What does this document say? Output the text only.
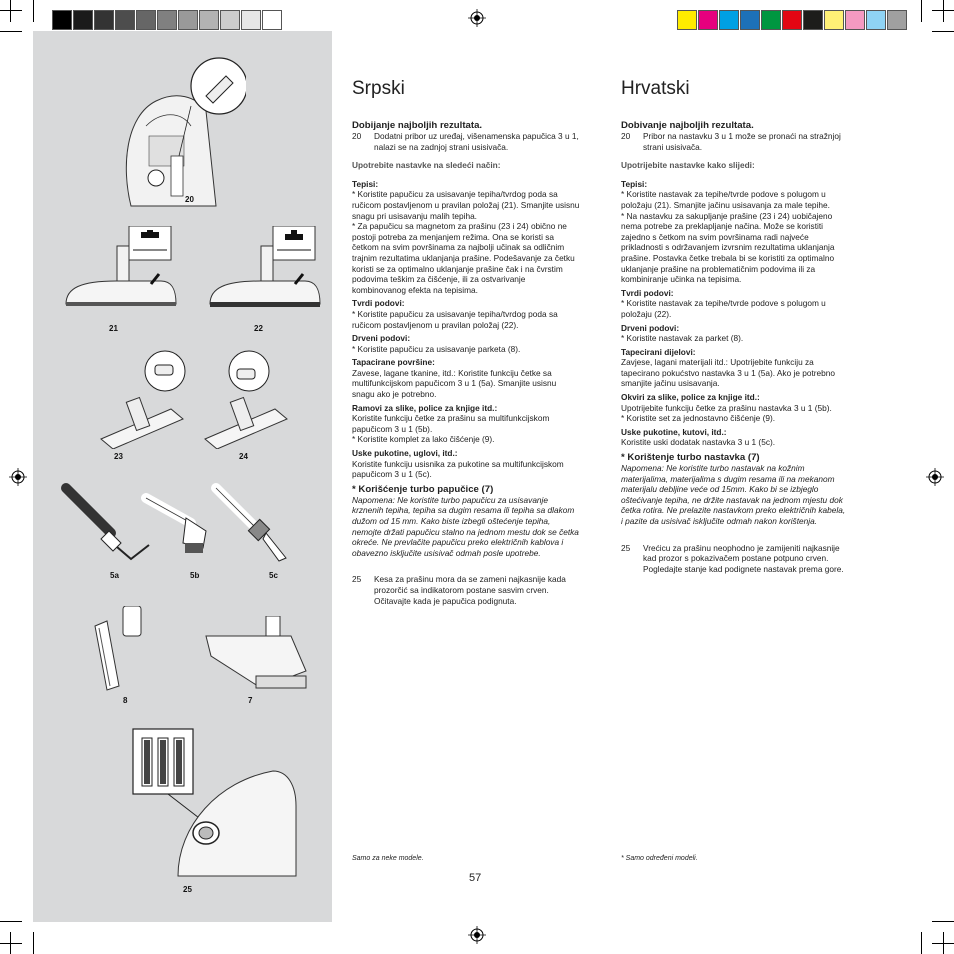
20
21	22
23	24
5a	5b	5c
8	7
25
Srpski
Dobijanje najboljih rezultata.
20	Dodatni pribor uz uređaj, višenamenska papučica 3 u 1, nalazi se na zadnjoj strani usisivača.

Upotrebite nastavke na sledeći način:

Tepisi:

* Koristite papučicu za usisavanje tepiha/tvrdog poda sa ručicom postavljenom u pravilan položaj (21). Smanjite usisnu snagu pri usisavanju malih tepiha.

* Za papučicu sa magnetom za prašinu (23 i 24) obično ne postoji potreba za menjanjem režima. Ona se koristi sa četkom na svim površinama za najbolji učinak sa odličnim trajnim rezultatima uklanjanja prašine. Podešavanje za četku koristi se za optimalno uklanjanje prašine čak i na čvrstim podovima teškim za čišćenje, ili za ostvarivanje kombinovanog efekta na tepisima.

Tvrdi podovi:

* Koristite papučicu za usisavanje tepiha/tvrdog poda sa ručicom postavljenom u pravilan položaj (22).

Drveni podovi:

* Koristite papučicu za usisavanje parketa (8).

Tapacirane površine:

Zavese, lagane tkanine, itd.: Koristite funkciju četke sa multifunkcijskom papučicom 3 u 1 (5a). Smanjite usisnu snagu ako je potrebno.

Ramovi za slike, police za knjige itd.:

Koristite funkciju četke za prašinu sa multifunkcijskom papučicom 3 u 1 (5b).

* Koristite komplet za lako čišćenje (9).

Uske pukotine, uglovi, itd.:

Koristite funkciju usisnika za pukotine sa multifunkcijskom papučicom 3 u 1 (5c).

* Korišćenje turbo papučice (7)

Napomena: Ne koristite turbo papučicu za usisavanje krznenih tepiha, tepiha sa dugim resama ili tepiha sa dlakom dužom od 15 mm. Kako biste izbegli oštećenje tepiha, nemojte držati papučicu stalno na jednom mestu dok se četka okreće. Ne prevlačite papučicu preko električnih kablova i obavezno isključite usisivač odmah posle upotrebe.

25	Kesa za prašinu mora da se zameni najkasnije kada prozorčić sa indikatorom postane sasvim crven. Očitavajte kada je papučica podignuta.
Hrvatski
Dobivanje najboljih rezultata.
20	Pribor na nastavku 3 u 1 može se pronaći na stražnjoj strani usisivača.

Upotrijebite nastavke kako slijedi:

Tepisi:

* Koristite nastavak za tepihe/tvrde podove s polugom u položaju (21). Smanjite jačinu usisavanja za male tepihe.

* Na nastavku za sakupljanje prašine (23 i 24) uobičajeno nema potrebe za preklapljanje načina. Može se koristiti zajedno s četkom na svim površinama radi najveće prikladnosti s održavanjem izvrsnim rezultatima uklanjanja prašine. Postavka četke trebala bi se koristiti za optimalno uklanjanje prašine na problematičnim podovima ili za kombiniranje učinka na tepisima.

Tvrdi podovi:

* Koristite nastavak za tepihe/tvrde podove s polugom u položaju (22).

Drveni podovi:

* Koristite nastavak za parket (8).

Tapecirani dijelovi:

Zavjese, lagani materijali itd.: Upotrijebite funkciju za tapecirano pokućstvo nastavka 3 u 1 (5a). Ako je potrebno smanjite jačinu usisavanja.

Okviri za slike, police za knjige itd.:

Upotrijebite funkciju četke za prašinu nastavka 3 u 1 (5b).

* Koristite set za jednostavno čišćenje (9).

Uske pukotine, kutovi, itd.:

Koristite uski dodatak nastavka 3 u 1 (5c).

* Korištenje turbo nastavka (7)

Napomena: Ne koristite turbo nastavak na kožnim materijalima, materijalima s dugim resama ili na mekanom materijalu debljine veće od 15mm. Kako bi se izbjeglo oštećivanje tepiha, ne držite nastavak na jednom mjestu dok četka rotira. Ne prelazite nastavkom preko električnih kabela, i pazite da usisivač isključite odmah nakon korištenja.

25	Vrećicu za prašinu neophodno je zamijeniti najkasnije kad prozor s pokazivačem postane potpuno crven. Pogledajte stanje kad podignete nastavak prema gore.
Samo za neke modele.	* Samo određeni modeli.
57
